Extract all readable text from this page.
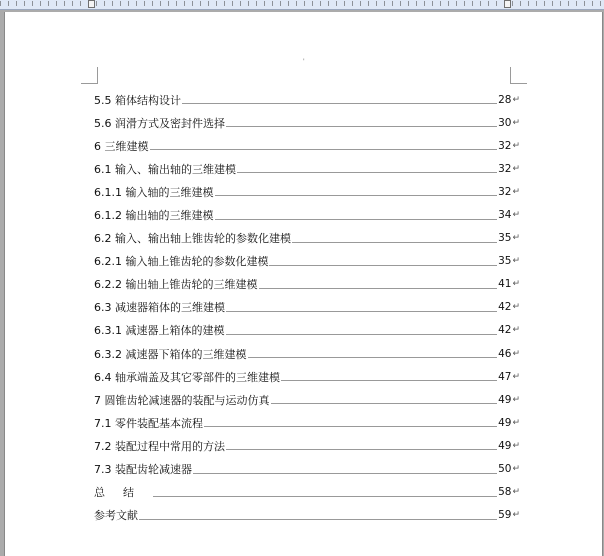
'
5.5 箱体结构设计	28 ↵
5.6 润滑方式及密封件选择	30 ↵
6 三维建模	32 ↵
6.1 输入、输出轴的三维建模	32 ↵
6.1.1 输入轴的三维建模	32 ↵
6.1.2 输出轴的三维建模	34 ↵
6.2 输入、输出轴上锥齿轮的参数化建模	35 ↵
6.2.1 输入轴上锥齿轮的参数化建模	35 ↵
6.2.2 输出轴上锥齿轮的三维建模	41 ↵
6.3 减速器箱体的三维建模	42 ↵
6.3.1 减速器上箱体的建模	42 ↵
6.3.2 减速器下箱体的三维建模	46 ↵
6.4 轴承端盖及其它零部件的三维建模	47 ↵
7 圆锥齿轮减速器的装配与运动仿真	49 ↵
7.1 零件装配基本流程	49 ↵
7.2 装配过程中常用的方法	49 ↵
7.3 装配齿轮减速器	50 ↵
总结	58 ↵
参考文献	59 ↵
